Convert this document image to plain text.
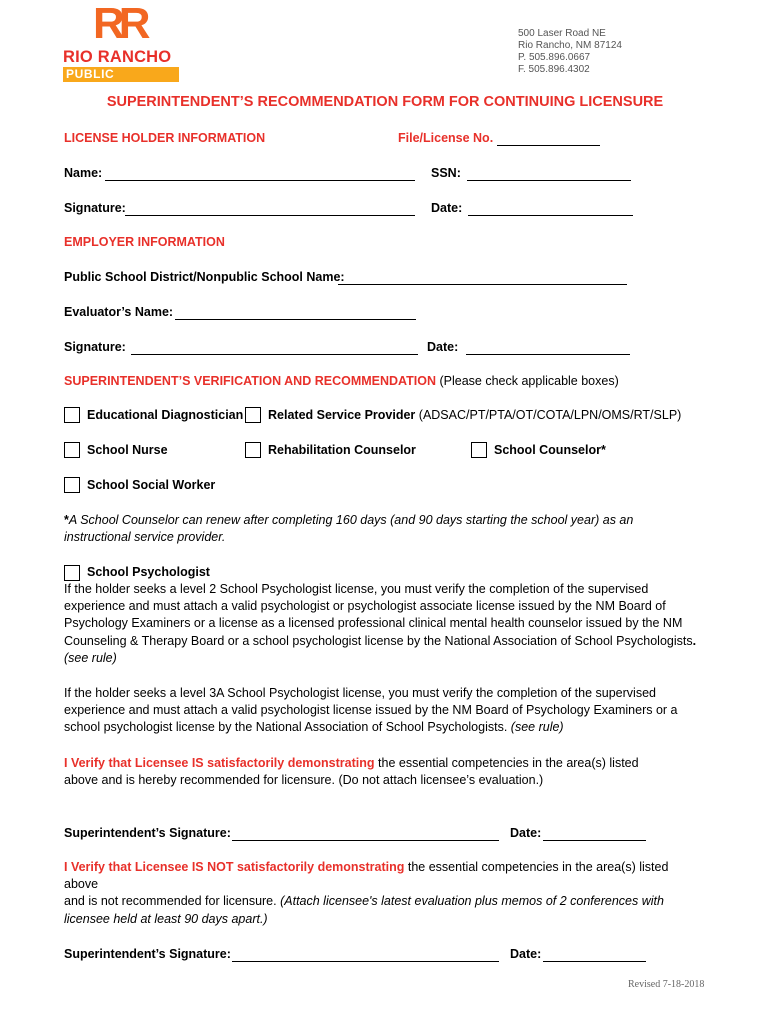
RR
RIO RANCHO
PUBLIC SCHOOLS
500 Laser Road NE
Rio Rancho, NM 87124
P. 505.896.0667
F. 505.896.4302
SUPERINTENDENT’S RECOMMENDATION FORM FOR CONTINUING LICENSURE
LICENSE HOLDER INFORMATION	File/License No.
Name:	SSN:
Signature:	Date:
EMPLOYER INFORMATION
Public School District/Nonpublic School Name:
Evaluator’s Name:
Signature:	Date:
SUPERINTENDENT’S VERIFICATION AND RECOMMENDATION (Please check applicable boxes)
Educational Diagnostician Related Service Provider (ADSAC/PT/PTA/OT/COTA/LPN/OMS/RT/SLP)
School Nurse	Rehabilitation Counselor	School Counselor*
School Social Worker
*A School Counselor can renew after completing 160 days (and 90 days starting the school year) as an
instructional service provider.
School Psychologist
If the holder seeks a level 2 School Psychologist license, you must verify the completion of the supervised
experience and must attach a valid psychologist or psychologist associate license issued by the NM Board of
Psychology Examiners or a license as a licensed professional clinical mental health counselor issued by the NM
Counseling & Therapy Board or a school psychologist license by the National Association of School Psychologists.
(see rule)
If the holder seeks a level 3A School Psychologist license, you must verify the completion of the supervised
experience and must attach a valid psychologist license issued by the NM Board of Psychology Examiners or a
school psychologist license by the National Association of School Psychologists. (see rule)
I Verify that Licensee IS satisfactorily demonstrating the essential competencies in the area(s) listed
above and is hereby recommended for licensure. (Do not attach licensee’s evaluation.)
Superintendent’s Signature:	Date:
I Verify that Licensee IS NOT satisfactorily demonstrating the essential competencies in the area(s) listed above
and is not recommended for licensure. (Attach licensee's latest evaluation plus memos of 2 conferences with
licensee held at least 90 days apart.)
Superintendent’s Signature:	Date:
Revised 7-18-2018
